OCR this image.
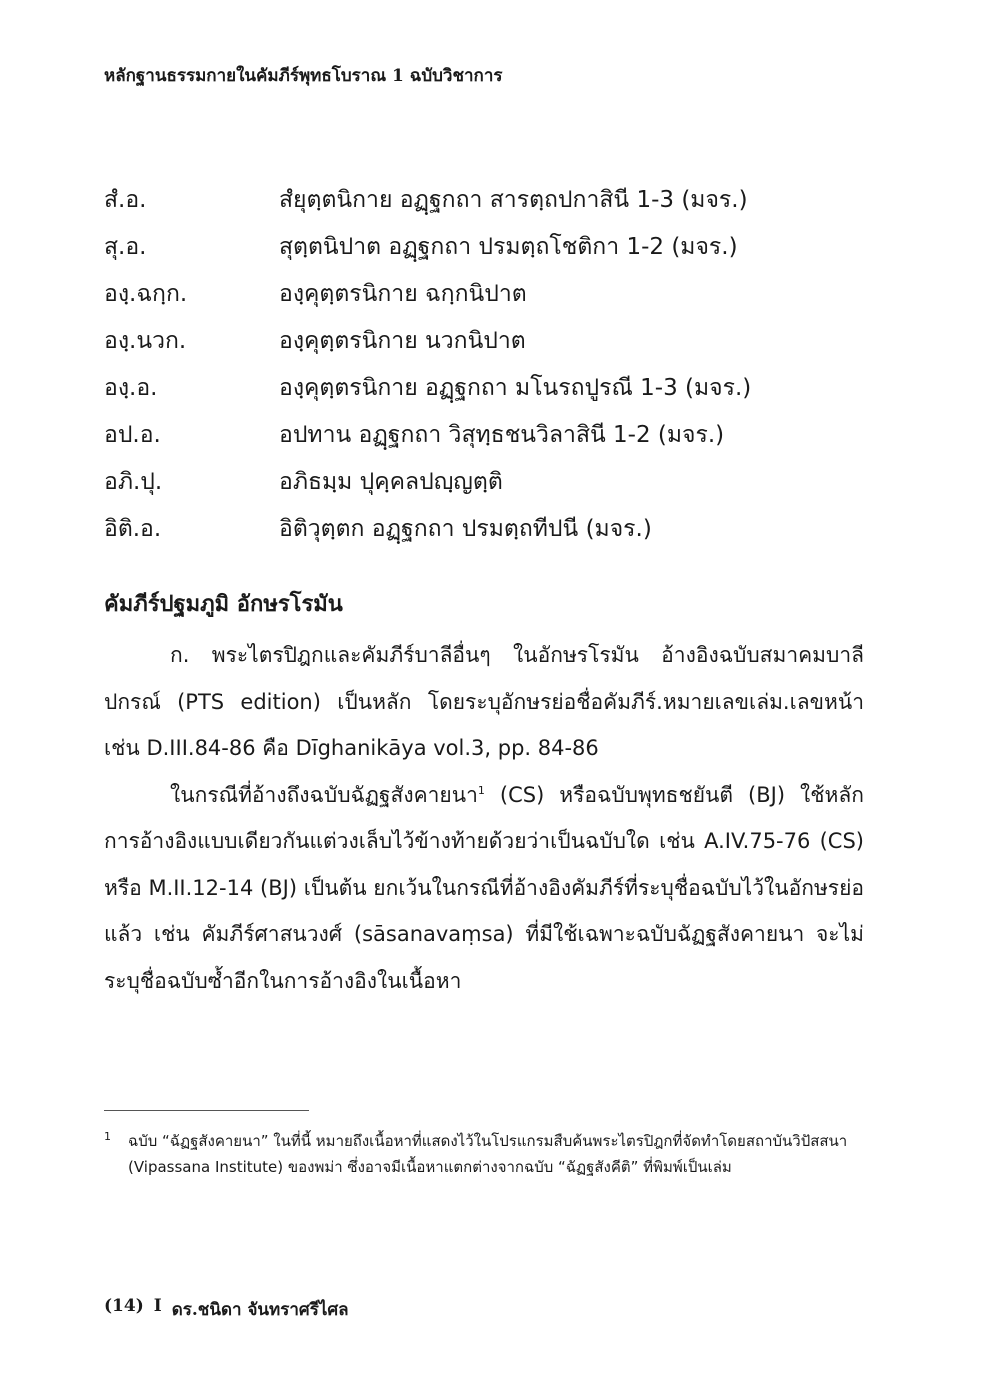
หลักฐานธรรมกายในคัมภีร์พุทธโบราณ 1 ฉบับวิชาการ
สํ.อ.	สํยุตฺตนิกาย อฏฺฐกถา สารตฺถปกาสินี 1-3 (มจร.)
สุ.อ.	สุตฺตนิปาต อฏฺฐกถา ปรมตฺถโชติกา 1-2 (มจร.)
องฺ.ฉกฺก.	องฺคุตฺตรนิกาย ฉกฺกนิปาต
องฺ.นวก.	องฺคุตฺตรนิกาย นวกนิปาต
องฺ.อ.	องฺคุตฺตรนิกาย อฏฺฐกถา มโนรถปูรณี 1-3 (มจร.)
อป.อ.	อปทาน อฏฺฐกถา วิสุทฺธชนวิลาสินี 1-2 (มจร.)
อภิ.ปุ.	อภิธมฺม ปุคฺคลปญฺญตฺติ
อิติ.อ.	อิติวุตฺตก อฏฺฐกถา ปรมตฺถทีปนี (มจร.)
คัมภีร์ปฐมภูมิ อักษรโรมัน

ก. พระไตรปิฎกและคัมภีร์บาลีอื่นๆ ในอักษรโรมัน อ้างอิงฉบับสมาคมบาลีปกรณ์ (PTS edition) เป็นหลัก โดยระบุอักษรย่อชื่อคัมภีร์.หมายเลขเล่ม.เลขหน้า เช่น D.III.84-86 คือ Dīghanikāya vol.3, pp. 84-86

ในกรณีที่อ้างถึงฉบับฉัฏฐสังคายนา$^1$ (CS) หรือฉบับพุทธชยันตี (BJ) ใช้หลักการอ้างอิงแบบเดียวกันแต่วงเล็บไว้ข้างท้ายด้วยว่าเป็นฉบับใด เช่น A.IV.75-76 (CS) หรือ M.II.12-14 (BJ) เป็นต้น ยกเว้นในกรณีที่อ้างอิงคัมภีร์ที่ระบุชื่อฉบับไว้ในอักษรย่อแล้ว เช่น คัมภีร์ศาสนวงศ์ (sāsanavaṃsa) ที่มีใช้เฉพาะฉบับฉัฏฐสังคายนา จะไม่ระบุชื่อฉบับซ้ำอีกในการอ้างอิงในเนื้อหา

1	ฉบับ “ฉัฏฐสังคายนา” ในที่นี้ หมายถึงเนื้อหาที่แสดงไว้ในโปรแกรมสืบค้นพระไตรปิฎกที่จัดทำโดยสถาบันวิปัสสนา (Vipassana Institute) ของพม่า ซึ่งอาจมีเนื้อหาแตกต่างจากฉบับ “ฉัฏฐสังคีติ” ที่พิมพ์เป็นเล่ม
(14) I ดร.ชนิดา จันทราศรีไศล
